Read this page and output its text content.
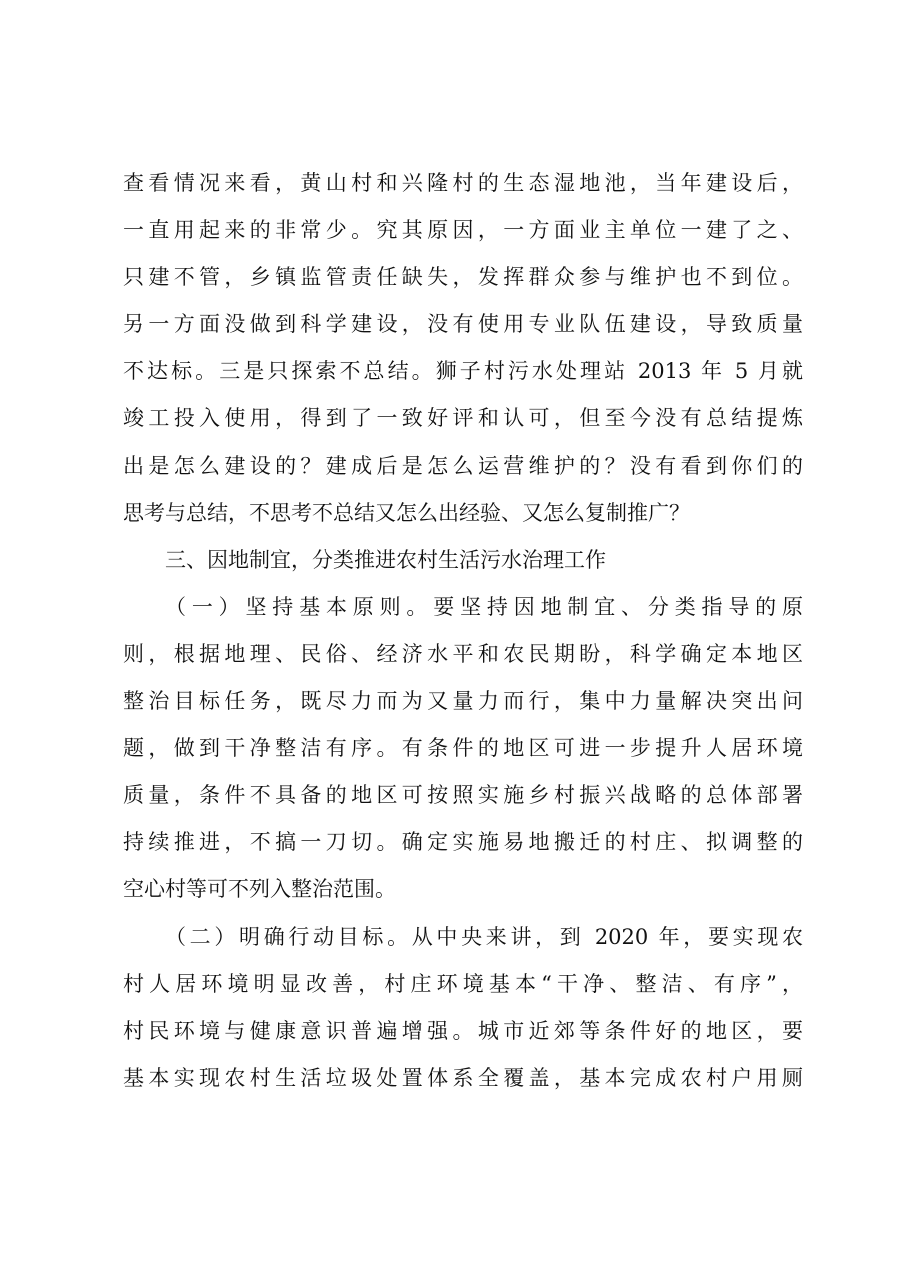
查看情况来看，黄山村和兴隆村的生态湿地池，当年建设后，
一直用起来的非常少。究其原因，一方面业主单位一建了之、
只建不管，乡镇监管责任缺失，发挥群众参与维护也不到位。
另一方面没做到科学建设，没有使用专业队伍建设，导致质量
不达标。三是只探索不总结。狮子村污水处理站 2013 年 5 月就
竣工投入使用，得到了一致好评和认可，但至今没有总结提炼
出是怎么建设的？建成后是怎么运营维护的？没有看到你们的
思考与总结，不思考不总结又怎么出经验、又怎么复制推广？
三、因地制宜，分类推进农村生活污水治理工作
（一）坚持基本原则。要坚持因地制宜、分类指导的原
则，根据地理、民俗、经济水平和农民期盼，科学确定本地区
整治目标任务，既尽力而为又量力而行，集中力量解决突出问
题，做到干净整洁有序。有条件的地区可进一步提升人居环境
质量，条件不具备的地区可按照实施乡村振兴战略的总体部署
持续推进，不搞一刀切。确定实施易地搬迁的村庄、拟调整的
空心村等可不列入整治范围。
（二）明确行动目标。从中央来讲，到 2020 年，要实现农
村人居环境明显改善，村庄环境基本“干净、整洁、有序”，
村民环境与健康意识普遍增强。城市近郊等条件好的地区，要
基本实现农村生活垃圾处置体系全覆盖，基本完成农村户用厕
